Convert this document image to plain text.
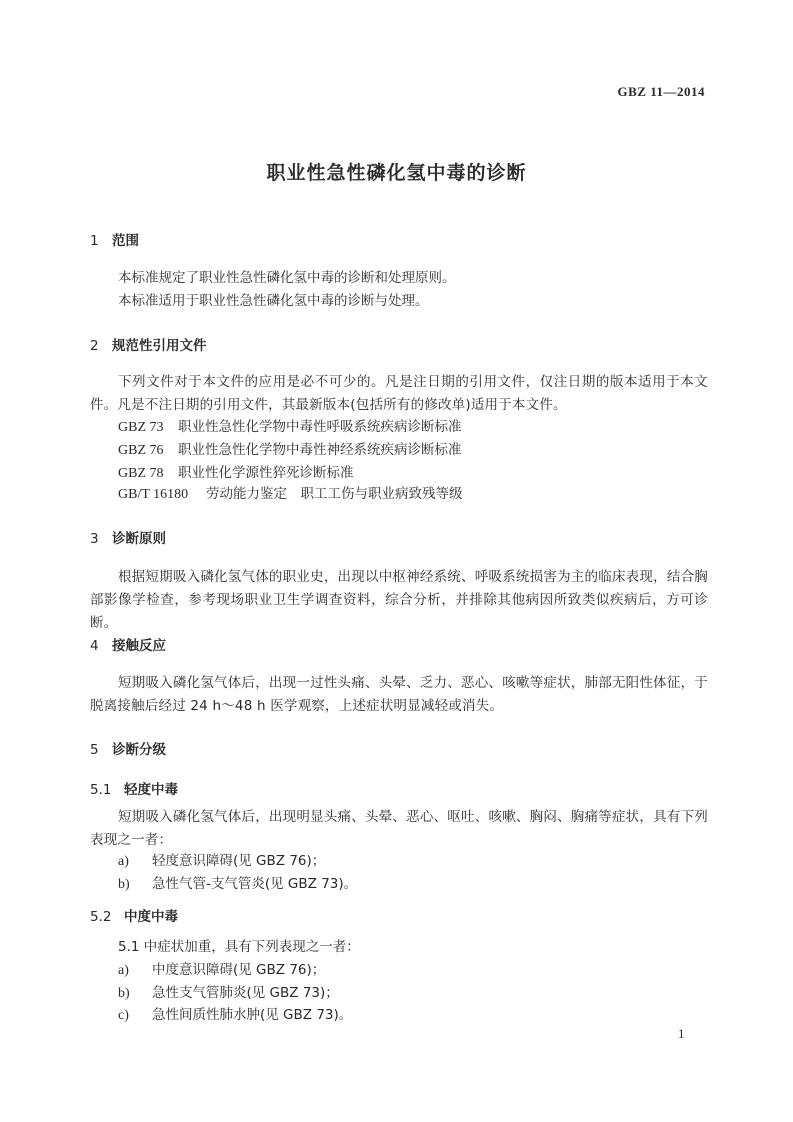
GBZ 11—2014
职业性急性磷化氢中毒的诊断
1 范围
本标准规定了职业性急性磷化氢中毒的诊断和处理原则。
本标准适用于职业性急性磷化氢中毒的诊断与处理。
2 规范性引用文件
下列文件对于本文件的应用是必不可少的。凡是注日期的引用文件，仅注日期的版本适用于本文件。凡是不注日期的引用文件，其最新版本(包括所有的修改单)适用于本文件。
GBZ 73 职业性急性化学物中毒性呼吸系统疾病诊断标准
GBZ 76 职业性急性化学物中毒性神经系统疾病诊断标准
GBZ 78 职业性化学源性猝死诊断标准
GB/T 16180 劳动能力鉴定　职工工伤与职业病致残等级
3 诊断原则
根据短期吸入磷化氢气体的职业史，出现以中枢神经系统、呼吸系统损害为主的临床表现，结合胸部影像学检查，参考现场职业卫生学调查资料，综合分析，并排除其他病因所致类似疾病后，方可诊断。
4 接触反应
短期吸入磷化氢气体后，出现一过性头痛、头晕、乏力、恶心、咳嗽等症状，肺部无阳性体征，于脱离接触后经过 24 h～48 h 医学观察，上述症状明显减轻或消失。
5 诊断分级
5.1 轻度中毒
短期吸入磷化氢气体后，出现明显头痛、头晕、恶心、呕吐、咳嗽、胸闷、胸痛等症状，具有下列表现之一者：
a) 轻度意识障碍(见 GBZ 76)；
b) 急性气管-支气管炎(见 GBZ 73)。
5.2 中度中毒
5.1 中症状加重，具有下列表现之一者：
a) 中度意识障碍(见 GBZ 76)；
b) 急性支气管肺炎(见 GBZ 73)；
c) 急性间质性肺水肿(见 GBZ 73)。
1
